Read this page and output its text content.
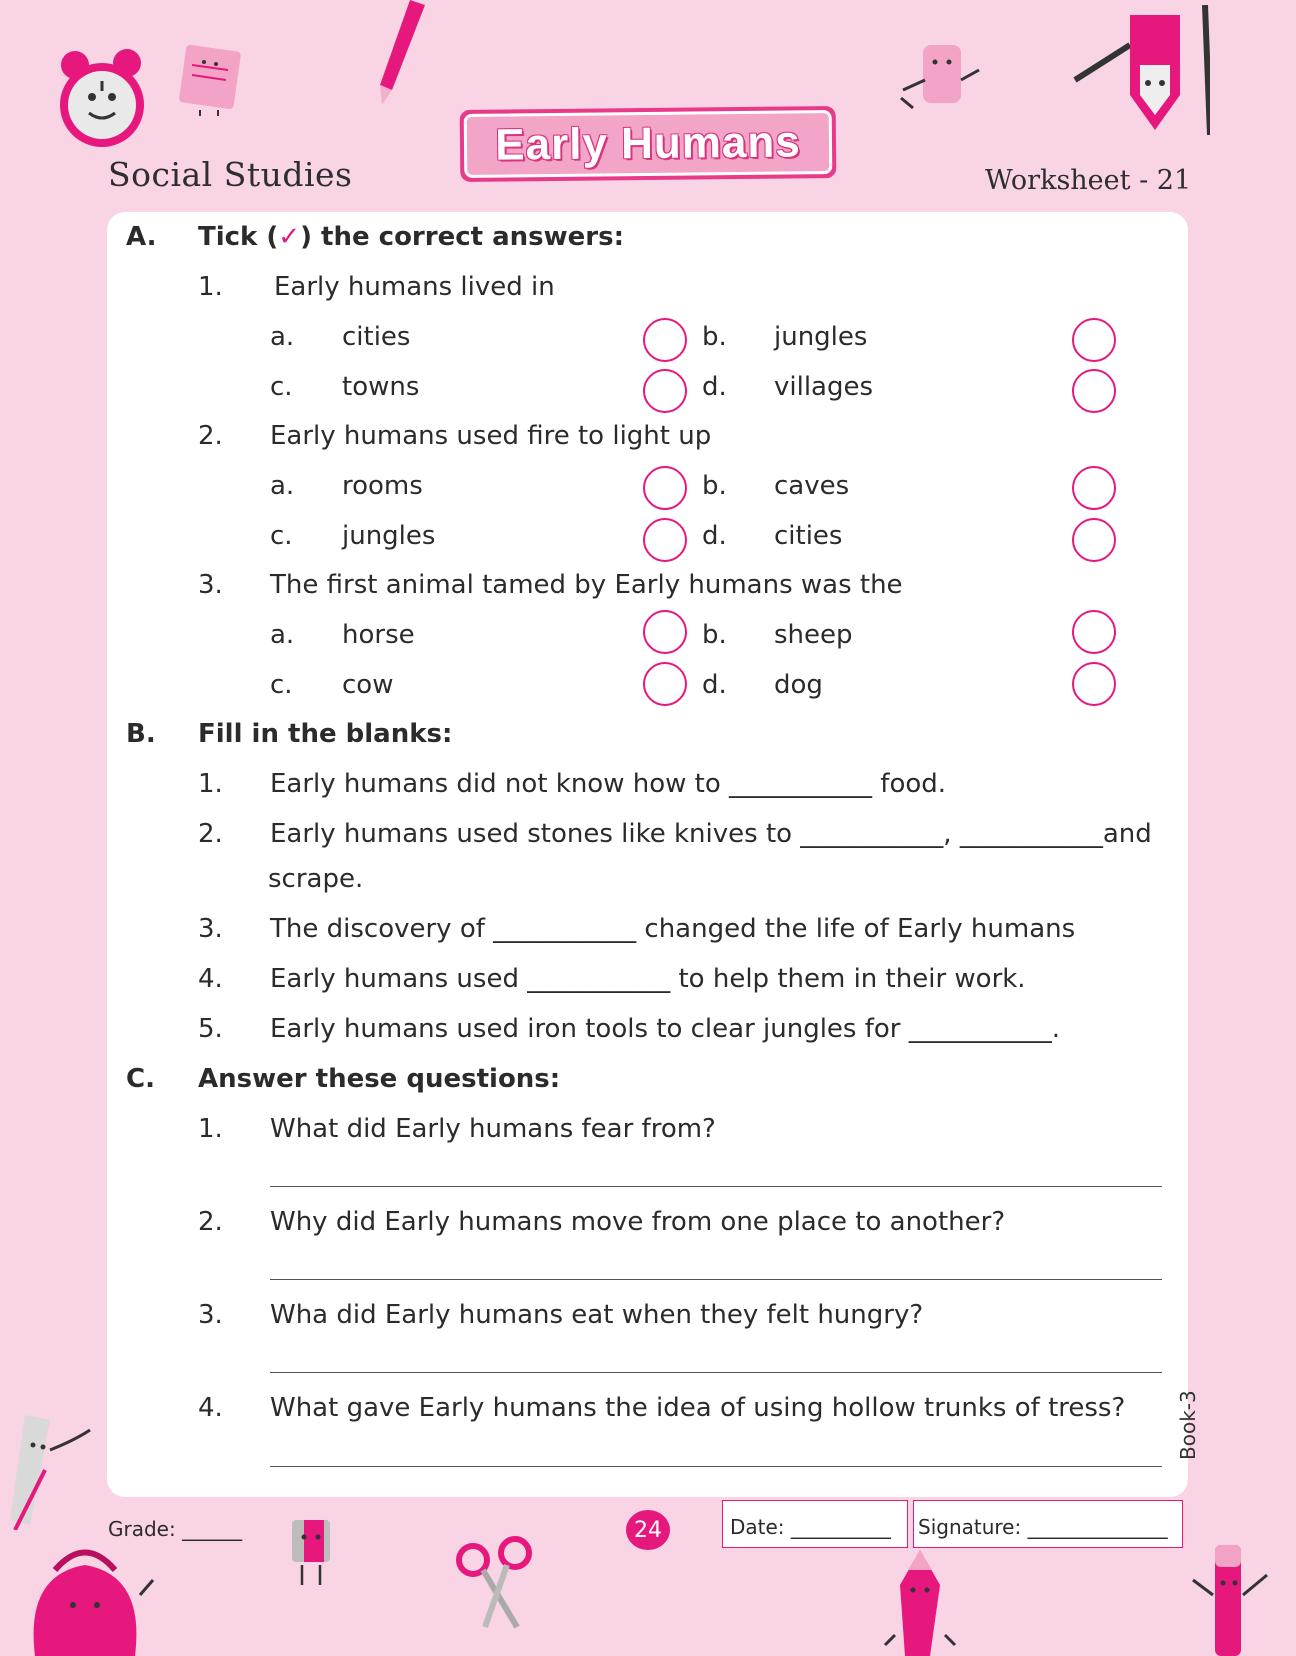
Social Studies
Early Humans
Worksheet - 21
A. Tick (✓) the correct answers:
1. Early humans lived in
a. cities	b. jungles
c. towns	d. villages
2. Early humans used fire to light up
a. rooms	b. caves
c. jungles	d. cities
3. The first animal tamed by Early humans was the
a. horse	b. sheep
c. cow	d. dog
B. Fill in the blanks:
1. Early humans did not know how to ___________ food.
2. Early humans used stones like knives to ___________, ___________and
scrape.
3. The discovery of ___________ changed the life of Early humans
4. Early humans used ___________ to help them in their work.
5. Early humans used iron tools to clear jungles for ___________.
C. Answer these questions:
1. What did Early humans fear from?
2. Why did Early humans move from one place to another?
3. Wha did Early humans eat when they felt hungry?
4. What gave Early humans the idea of using hollow trunks of tress?	Book-3
Grade: ______	24	Date: __________	Signature: ______________
